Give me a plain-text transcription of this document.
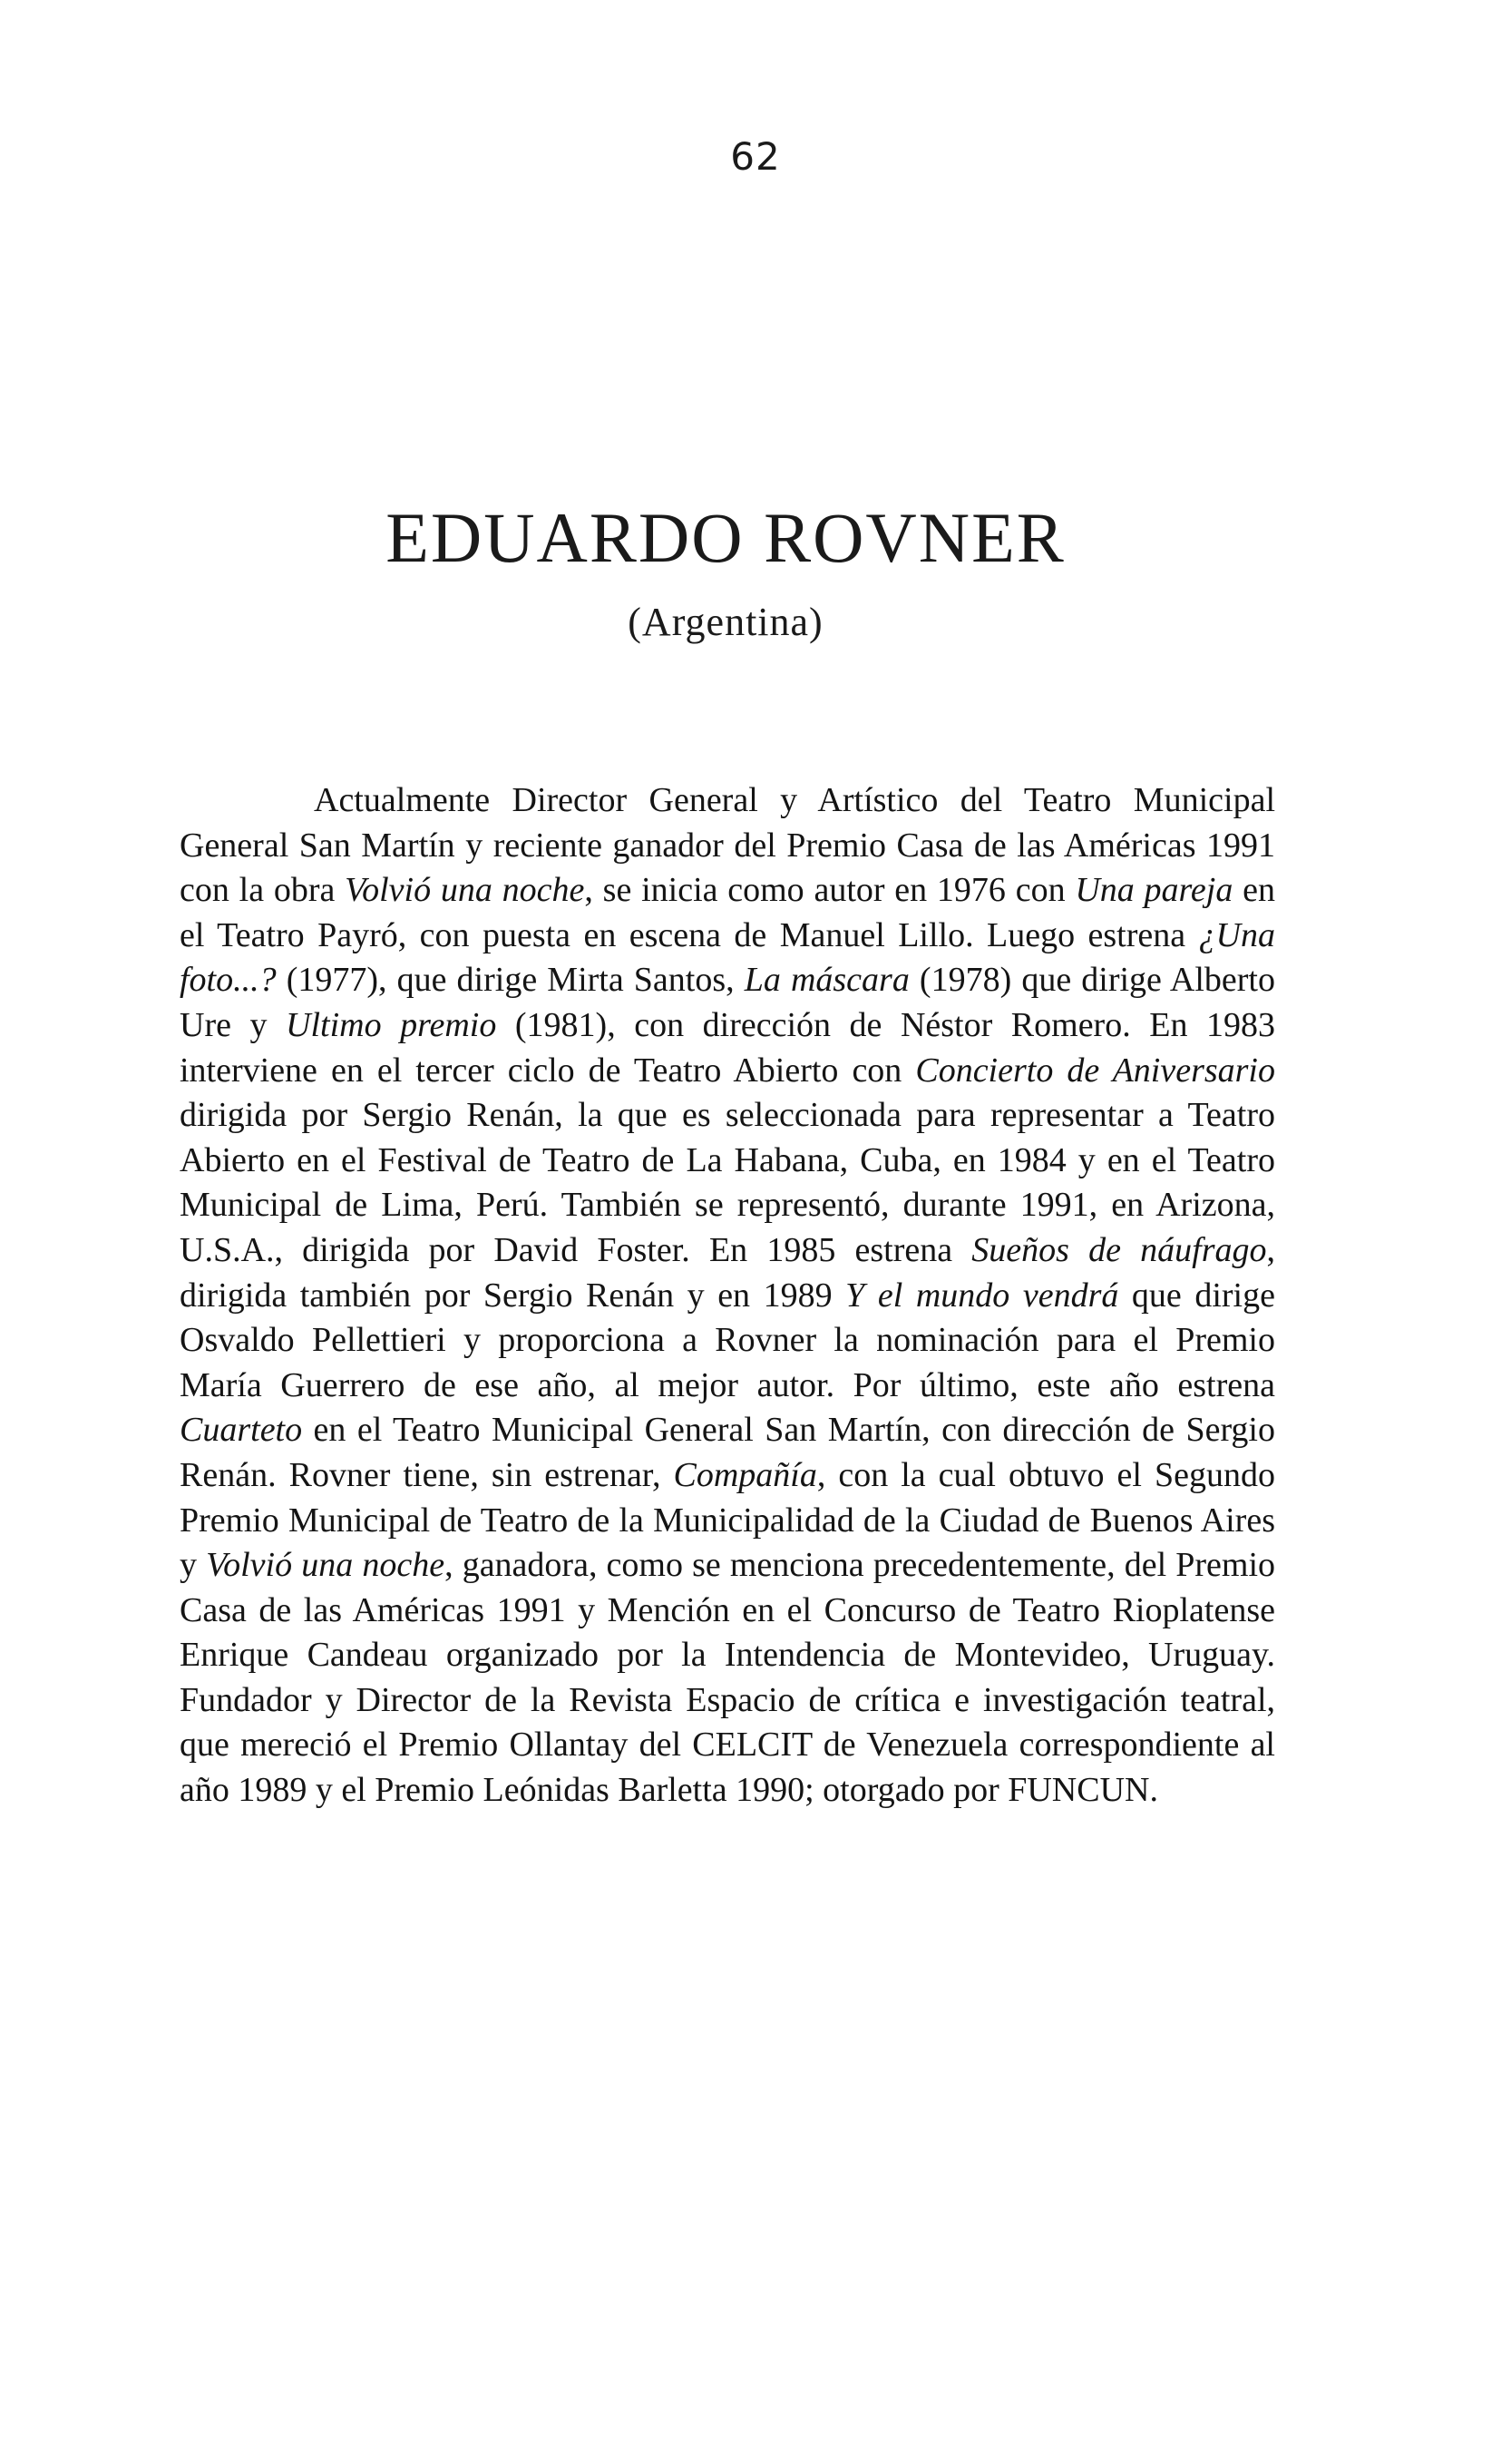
62
EDUARDO ROVNER
(Argentina)

Actualmente Director General y Artístico del Teatro Municipal General San Martín y reciente ganador del Premio Casa de las Américas 1991 con la obra Volvió una noche, se inicia como autor en 1976 con Una pareja en el Teatro Payró, con puesta en escena de Manuel Lillo. Luego estrena ¿Una foto...? (1977), que dirige Mirta Santos, La máscara (1978) que dirige Alberto Ure y Ultimo premio (1981), con dirección de Néstor Romero. En 1983 interviene en el tercer ciclo de Teatro Abierto con Concierto de Aniversario dirigida por Sergio Renán, la que es seleccionada para representar a Teatro Abierto en el Festival de Teatro de La Habana, Cuba, en 1984 y en el Teatro Municipal de Lima, Perú. También se representó, durante 1991, en Arizona, U.S.A., dirigida por David Foster. En 1985 estrena Sueños de náufrago, dirigida también por Sergio Renán y en 1989 Y el mundo vendrá que dirige Osvaldo Pellettieri y proporciona a Rovner la nominación para el Premio María Guerrero de ese año, al mejor autor. Por último, este año estrena Cuarteto en el Teatro Municipal General San Martín, con dirección de Sergio Renán. Rovner tiene, sin estrenar, Compañía, con la cual obtuvo el Segundo Premio Municipal de Teatro de la Municipalidad de la Ciudad de Buenos Aires y Volvió una noche, ganadora, como se menciona precedentemente, del Premio Casa de las Américas 1991 y Mención en el Concurso de Teatro Rioplatense Enrique Candeau organizado por la Intendencia de Montevideo, Uruguay. Fundador y Director de la Revista Espacio de crítica e investigación teatral, que mereció el Premio Ollantay del CELCIT de Venezuela correspondiente al año 1989 y el Premio Leónidas Barletta 1990; otorgado por FUNCUN.
